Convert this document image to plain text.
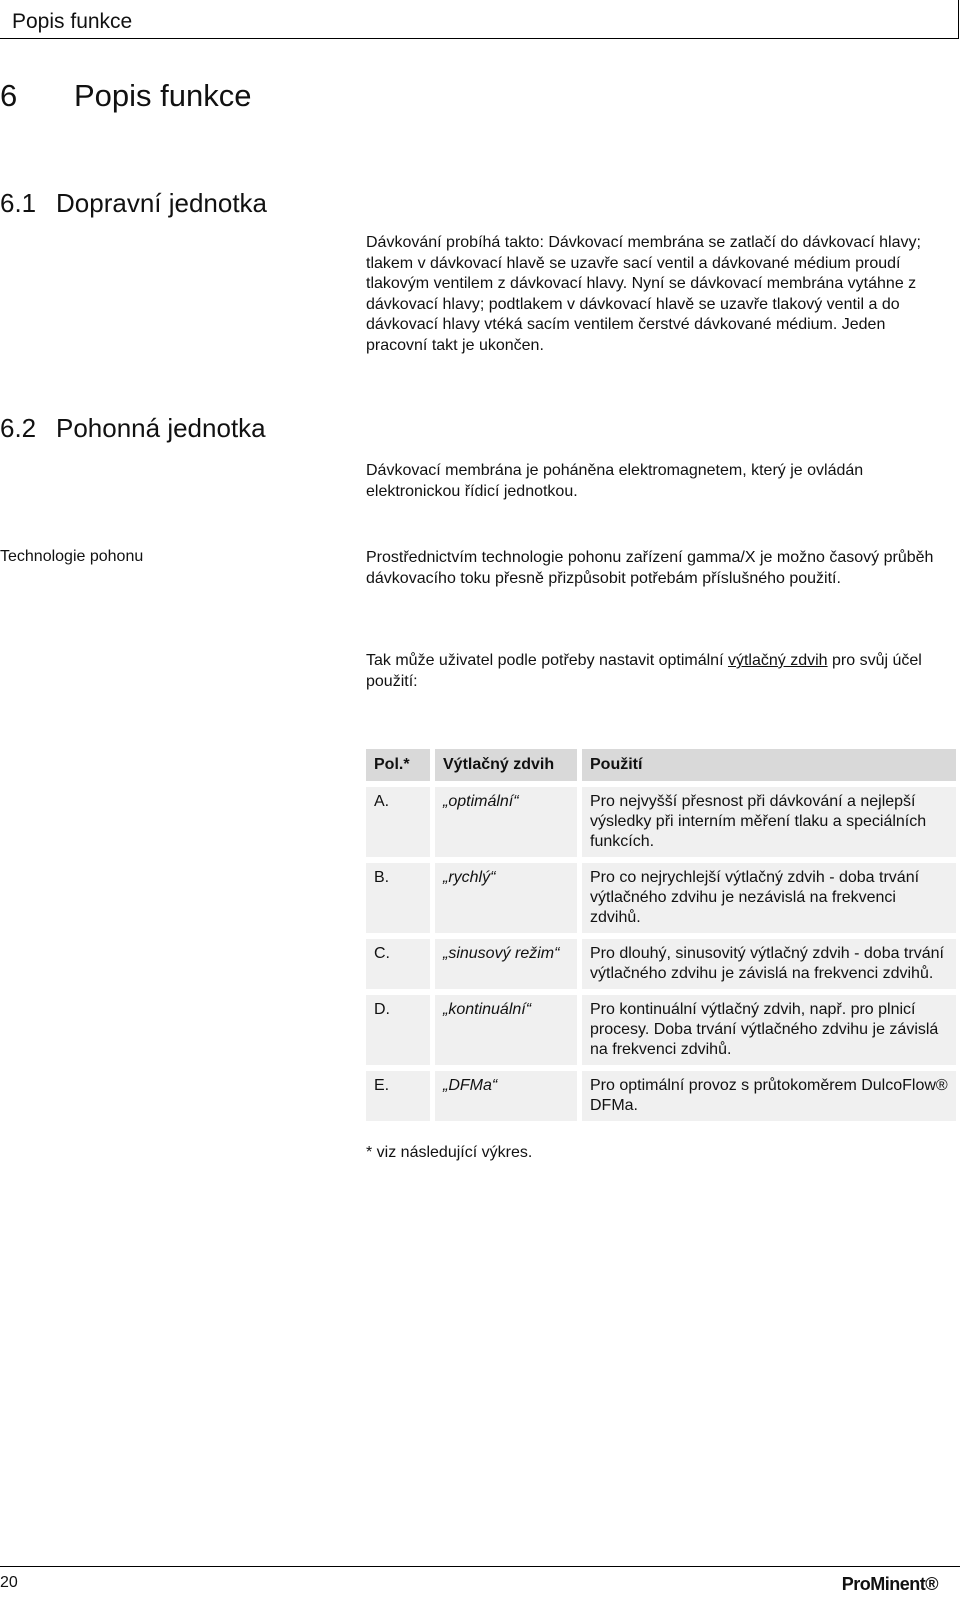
Popis funkce
6 Popis funkce
6.1 Dopravní jednotka

Dávkování probíhá takto: Dávkovací membrána se zatlačí do dávkovací hlavy; tlakem v dávkovací hlavě se uzavře sací ventil a dávkované médium proudí tlakovým ventilem z dávkovací hlavy. Nyní se dávkovací membrána vytáhne z dávkovací hlavy; podtlakem v dávkovací hlavě se uzavře tlakový ventil a do dávkovací hlavy vtéká sacím ventilem čerstvé dávkované médium. Jeden pracovní takt je ukončen.

6.2 Pohonná jednotka

Dávkovací membrána je poháněna elektromagnetem, který je ovládán elektronickou řídicí jednotkou.

Technologie pohonu	Prostřednictvím technologie pohonu zařízení gamma/X je možno časový průběh dávkovacího toku přesně přizpůsobit potřebám příslušného použití.

Tak může uživatel podle potřeby nastavit optimální výtlačný zdvih pro svůj účel použití:

Pol.*	Výtlačný zdvih	Použití
A.	„optimální“	Pro nejvyšší přesnost při dávkování a nejlepší výsledky při interním měření tlaku a speciálních funkcích.
B.	„rychlý“	Pro co nejrychlejší výtlačný zdvih - doba trvání výtlačného zdvihu je nezávislá na frekvenci zdvihů.
C.	„sinusový režim“	Pro dlouhý, sinusovitý výtlačný zdvih - doba trvání výtlačného zdvihu je závislá na frekvenci zdvihů.
D.	„kontinuální“	Pro kontinuální výtlačný zdvih, např. pro plnicí procesy. Doba trvání výtlačného zdvihu je závislá na frekvenci zdvihů.
E.	„DFMa“	Pro optimální provoz s průtokoměrem DulcoFlow® DFMa.

* viz následující výkres.

20	ProMinent®
